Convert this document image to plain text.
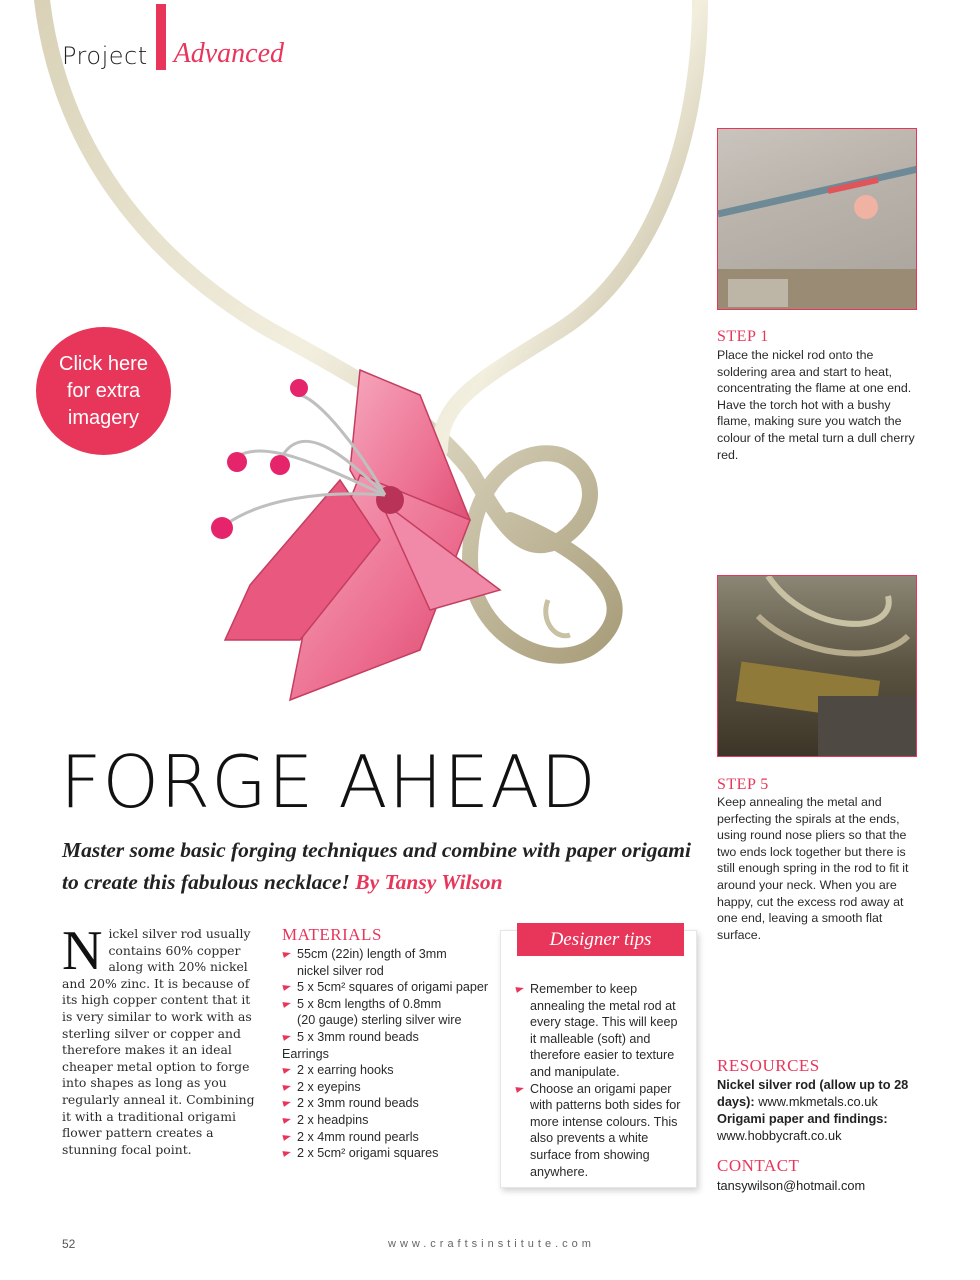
Project Advanced
Click here
for extra
imagery
FORGE AHEAD

Master some basic forging techniques and combine with paper origami to create this fabulous necklace! By Tansy Wilson

N ickel silver rod usually contains 60% copper along with 20% nickel and 20% zinc. It is because of its high copper content that it is very similar to work with as sterling silver or copper and therefore makes it an ideal cheaper metal option to forge into shapes as long as you regularly anneal it. Combining it with a traditional origami flower pattern creates a stunning focal point.
MATERIALS
55cm (22in) length of 3mm
nickel silver rod
5 x 5cm² squares of origami paper
5 x 8cm lengths of 0.8mm
(20 gauge) sterling silver wire
5 x 3mm round beads
Earrings
2 x earring hooks
2 x eyepins
2 x 3mm round beads
2 x headpins
2 x 4mm round pearls
2 x 5cm² origami squares
Designer tips
Remember to keep annealing the metal rod at every stage. This will keep it malleable (soft) and therefore easier to texture and manipulate.
Choose an origami paper with patterns both sides for more intense colours. This also prevents a white surface from showing anywhere.
STEP 1
Place the nickel rod onto the soldering area and start to heat, concentrating the flame at one end. Have the torch hot with a bushy flame, making sure you watch the colour of the metal turn a dull cherry red.
STEP 5
Keep annealing the metal and perfecting the spirals at the ends, using round nose pliers so that the two ends lock together but there is still enough spring in the rod to fit it around your neck. When you are happy, cut the excess rod away at one end, leaving a smooth flat surface.
RESOURCES

Nickel silver rod (allow up to 28 days): www.mkmetals.co.uk

Origami paper and findings:
www.hobbycraft.co.uk

CONTACT

tansywilson@hotmail.com

52	www.craftsinstitute.com
